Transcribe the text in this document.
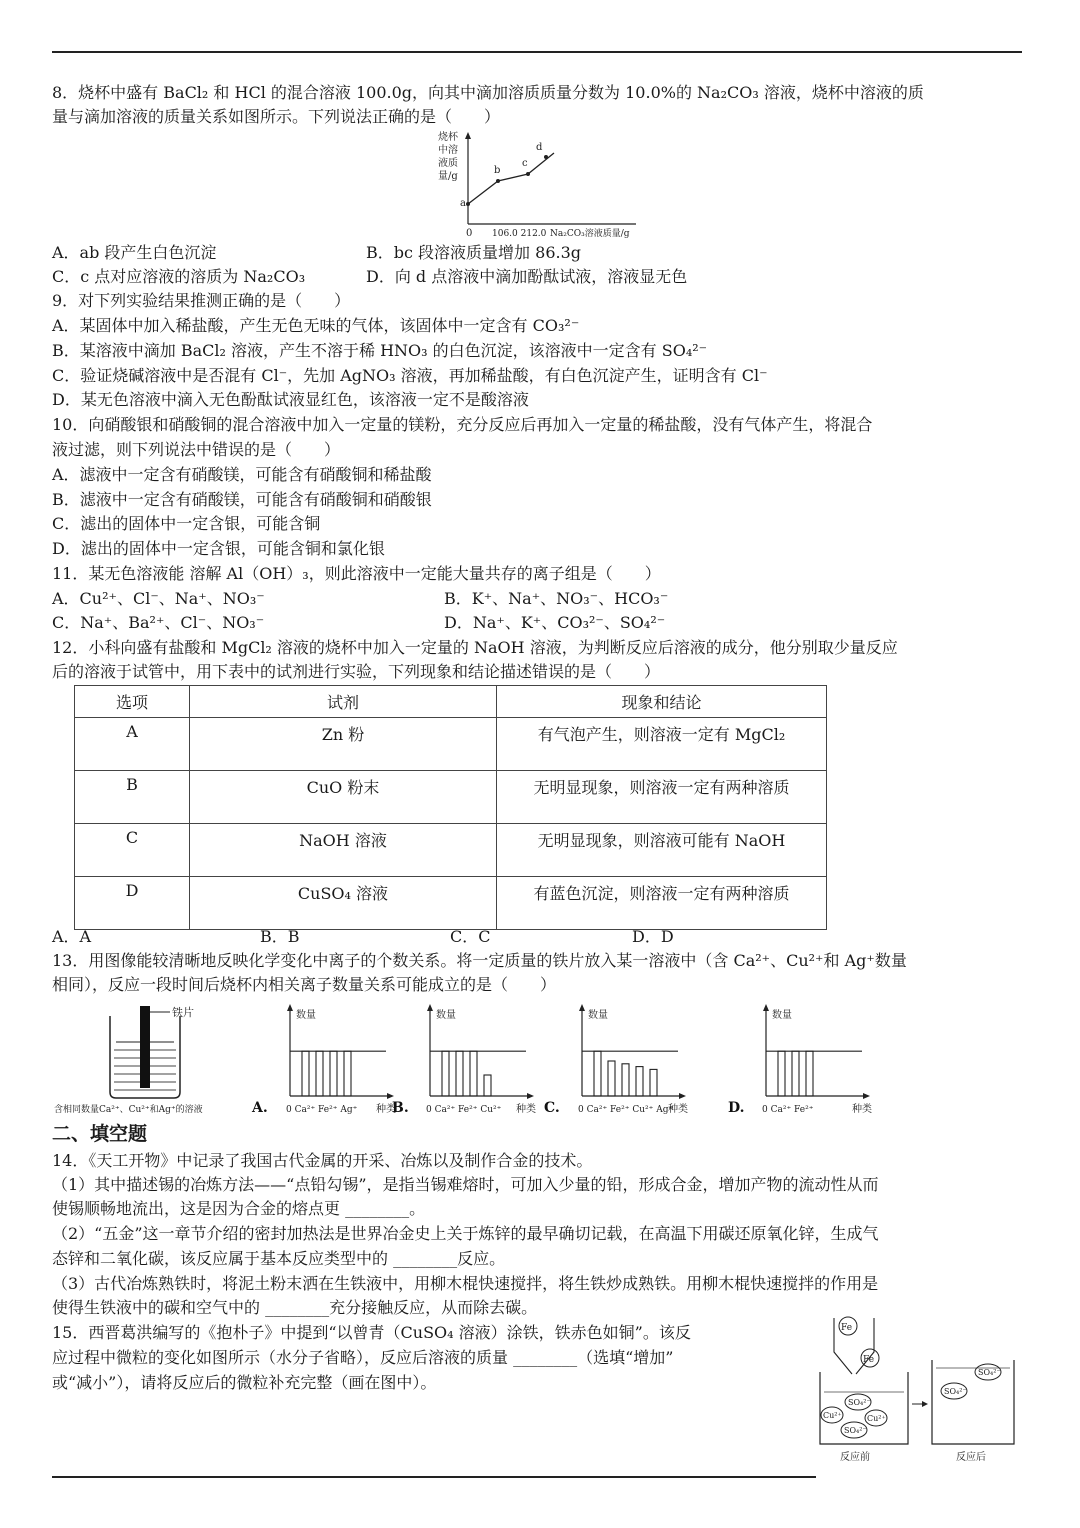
8．烧杯中盛有 BaCl₂ 和 HCl 的混合溶液 100.0g，向其中滴加溶质质量分数为 10.0%的 Na₂CO₃ 溶液，烧杯中溶液的质
量与滴加溶液的质量关系如图所示。下列说法正确的是（　　）
烧杯
中溶
液质
量/g
a
b
c
d
0 106.0 212.0 Na₂CO₃溶液质量/g
A．ab 段产生白色沉淀	B．bc 段溶液质量增加 86.3g
C．c 点对应溶液的溶质为 Na₂CO₃	D．向 d 点溶液中滴加酚酞试液，溶液显无色
9．对下列实验结果推测正确的是（　　）
A．某固体中加入稀盐酸，产生无色无味的气体，该固体中一定含有 CO₃²⁻
B．某溶液中滴加 BaCl₂ 溶液，产生不溶于稀 HNO₃ 的白色沉淀，该溶液中一定含有 SO₄²⁻
C．验证烧碱溶液中是否混有 Cl⁻，先加 AgNO₃ 溶液，再加稀盐酸，有白色沉淀产生，证明含有 Cl⁻
D．某无色溶液中滴入无色酚酞试液显红色，该溶液一定不是酸溶液
10．向硝酸银和硝酸铜的混合溶液中加入一定量的镁粉，充分反应后再加入一定量的稀盐酸，没有气体产生，将混合
液过滤，则下列说法中错误的是（　　）
A．滤液中一定含有硝酸镁，可能含有硝酸铜和稀盐酸
B．滤液中一定含有硝酸镁，可能含有硝酸铜和硝酸银
C．滤出的固体中一定含银，可能含铜
D．滤出的固体中一定含银，可能含铜和氯化银
11．某无色溶液能 溶解 Al（OH）₃，则此溶液中一定能大量共存的离子组是（　　）
A．Cu²⁺、Cl⁻、Na⁺、NO₃⁻	B．K⁺、Na⁺、NO₃⁻、HCO₃⁻
C．Na⁺、Ba²⁺、Cl⁻、NO₃⁻	D．Na⁺、K⁺、CO₃²⁻、SO₄²⁻
12．小科向盛有盐酸和 MgCl₂ 溶液的烧杯中加入一定量的 NaOH 溶液，为判断反应后溶液的成分，他分别取少量反应
后的溶液于试管中，用下表中的试剂进行实验，下列现象和结论描述错误的是（　　）
选项	试剂	现象和结论
A	Zn 粉	有气泡产生，则溶液一定有 MgCl₂
B	CuO 粉末	无明显现象，则溶液一定有两种溶质
C	NaOH 溶液	无明显现象，则溶液可能有 NaOH
D	CuSO₄ 溶液	有蓝色沉淀，则溶液一定有两种溶质
A．A	B．B	C．C	D．D
13．用图像能较清晰地反映化学变化中离子的个数关系。将一定质量的铁片放入某一溶液中（含 Ca²⁺、Cu²⁺和 Ag⁺数量
相同），反应一段时间后烧杯内相关离子数量关系可能成立的是（　　）
铁片
含相同数量Ca²⁺、Cu²⁺和Ag⁺的溶液	A.
数量
种类
0 Ca²⁺ Fe²⁺ Ag⁺ B.
数量
种类
0 Ca²⁺ Fe²⁺ Cu²⁺	C.
数量
种类
0 Ca²⁺ Fe²⁺ Cu²⁺ Ag⁺	D.
数量
种类
0 Ca²⁺ Fe²⁺
二、填空题
14．《天工开物》中记录了我国古代金属的开采、冶炼以及制作合金的技术。
（1）其中描述锡的冶炼方法——“点铅勾锡”，是指当锡难熔时，可加入少量的铅，形成合金，增加产物的流动性从而
使锡顺畅地流出，这是因为合金的熔点更 ________。
（2）“五金”这一章节介绍的密封加热法是世界冶金史上关于炼锌的最早确切记载，在高温下用碳还原氧化锌，生成气
态锌和二氧化碳，该反应属于基本反应类型中的 ________反应。
（3）古代冶炼熟铁时，将泥土粉末洒在生铁液中，用柳木棍快速搅拌，将生铁炒成熟铁。用柳木棍快速搅拌的作用是
使得生铁液中的碳和空气中的 ________充分接触反应，从而除去碳。
15．西晋葛洪编写的《抱朴子》中提到“以曾青（CuSO₄ 溶液）涂铁，铁赤色如铜”。该反
应过程中微粒的变化如图所示（水分子省略），反应后溶液的质量 ________（选填“增加”
或“减小”），请将反应后的微粒补充完整（画在图中）。
Fe
Fe
SO₄²⁻
Cu²⁺	Cu²⁺
SO₄²⁻
反应前
SO₄²⁻
SO₄²⁻
反应后
